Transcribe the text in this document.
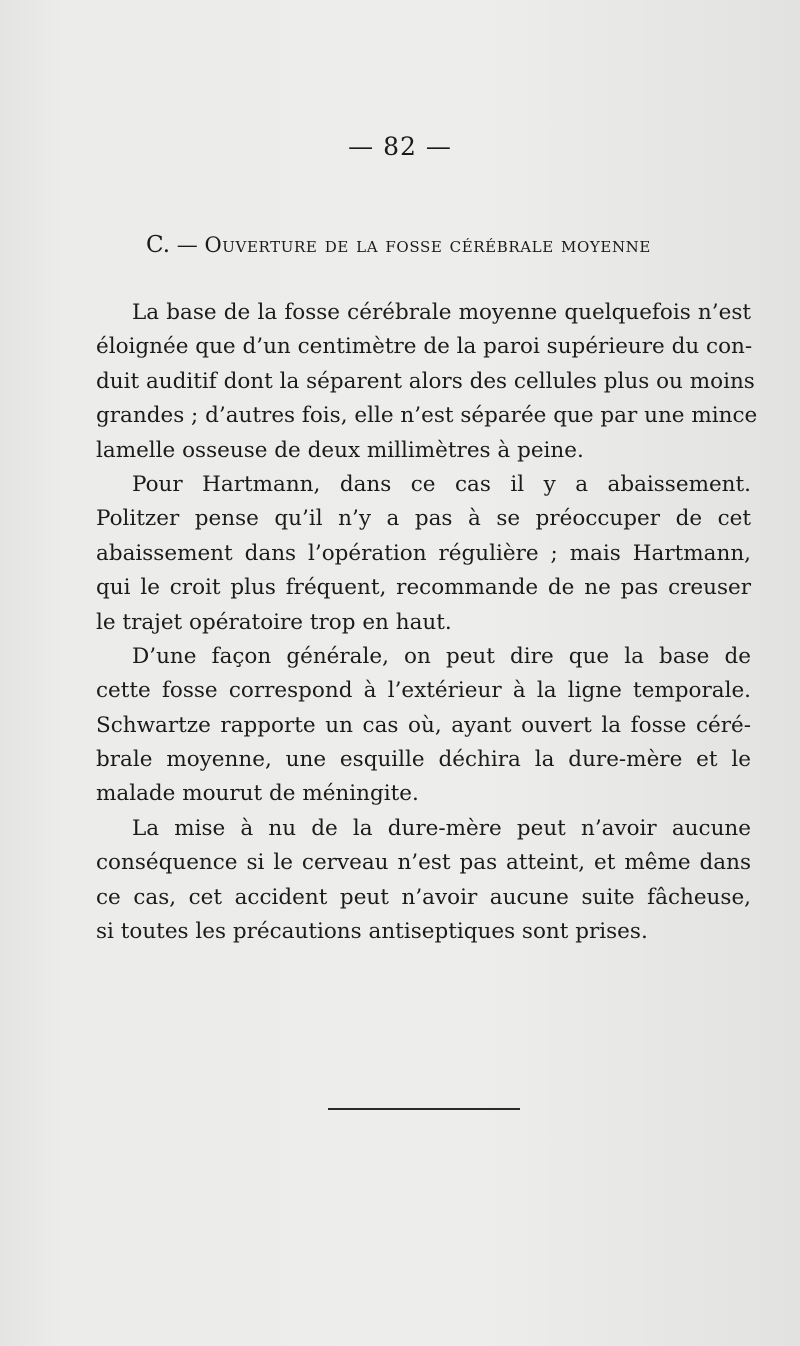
— 82 —
C. — Ouverture de la fosse cérébrale moyenne
La base de la fosse cérébrale moyenne quelquefois n’est
éloignée que d’un centimètre de la paroi supérieure du con-
duit auditif dont la séparent alors des cellules plus ou moins
grandes ; d’autres fois, elle n’est séparée que par une mince
lamelle osseuse de deux millimètres à peine.
Pour Hartmann, dans ce cas il y a abaissement.
Politzer pense qu’il n’y a pas à se préoccuper de cet
abaissement dans l’opération régulière ; mais Hartmann,
qui le croit plus fréquent, recommande de ne pas creuser
le trajet opératoire trop en haut.
D’une façon générale, on peut dire que la base de
cette fosse correspond à l’extérieur à la ligne temporale.
Schwartze rapporte un cas où, ayant ouvert la fosse céré-
brale moyenne, une esquille déchira la dure-mère et le
malade mourut de méningite.
La mise à nu de la dure-mère peut n’avoir aucune
conséquence si le cerveau n’est pas atteint, et même dans
ce cas, cet accident peut n’avoir aucune suite fâcheuse,
si toutes les précautions antiseptiques sont prises.
